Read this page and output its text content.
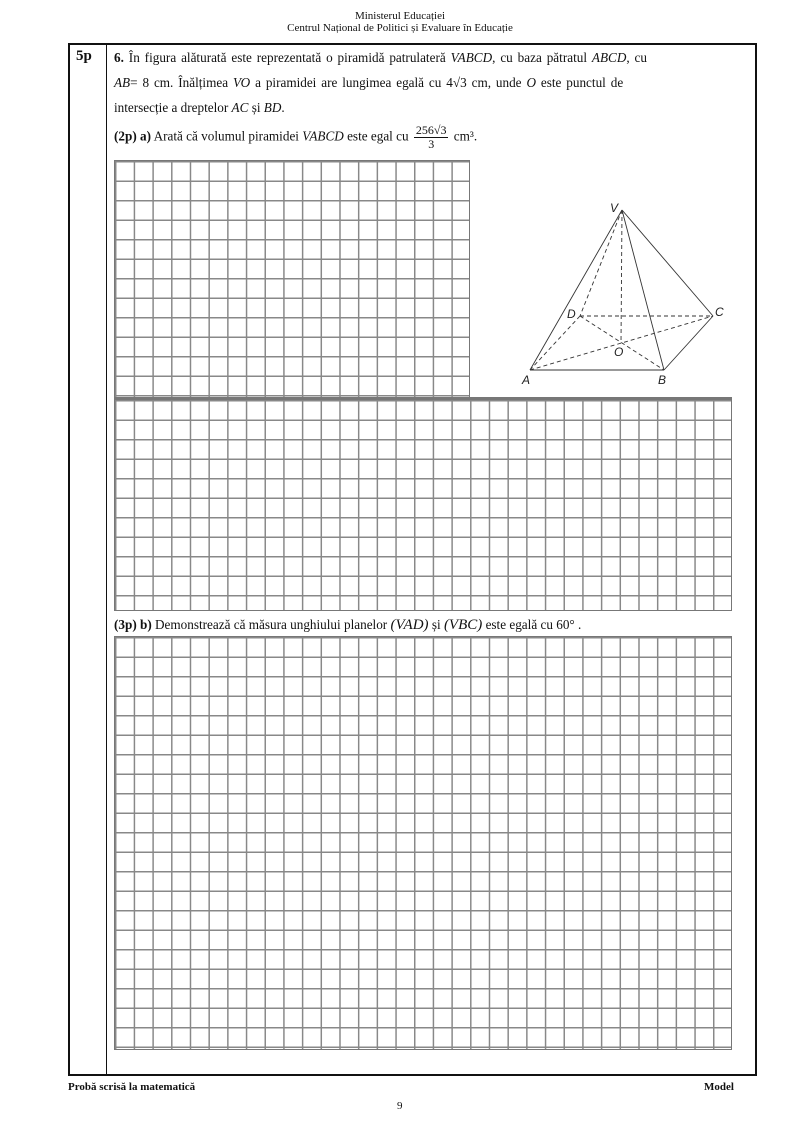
Ministerul Educației
Centrul Național de Politici și Evaluare în Educație
5p 6. În figura alăturată este reprezentată o piramidă patrulateră VABCD, cu baza pătratul ABCD, cu
AB= 8 cm. Înălțimea VO a piramidei are lungimea egală cu 4√3 cm, unde O este punctul de
intersecție a dreptelor AC și BD.
(2p) a) Arată că volumul piramidei VABCD este egal cu $\frac{256√3}{3} cm^3$.
V
D	C
O
A	B
(3p) b) Demonstrează că măsura unghiului planelor (VAD) și (VBC) este egală cu 60° .
Probă scrisă la matematică	Model
9
